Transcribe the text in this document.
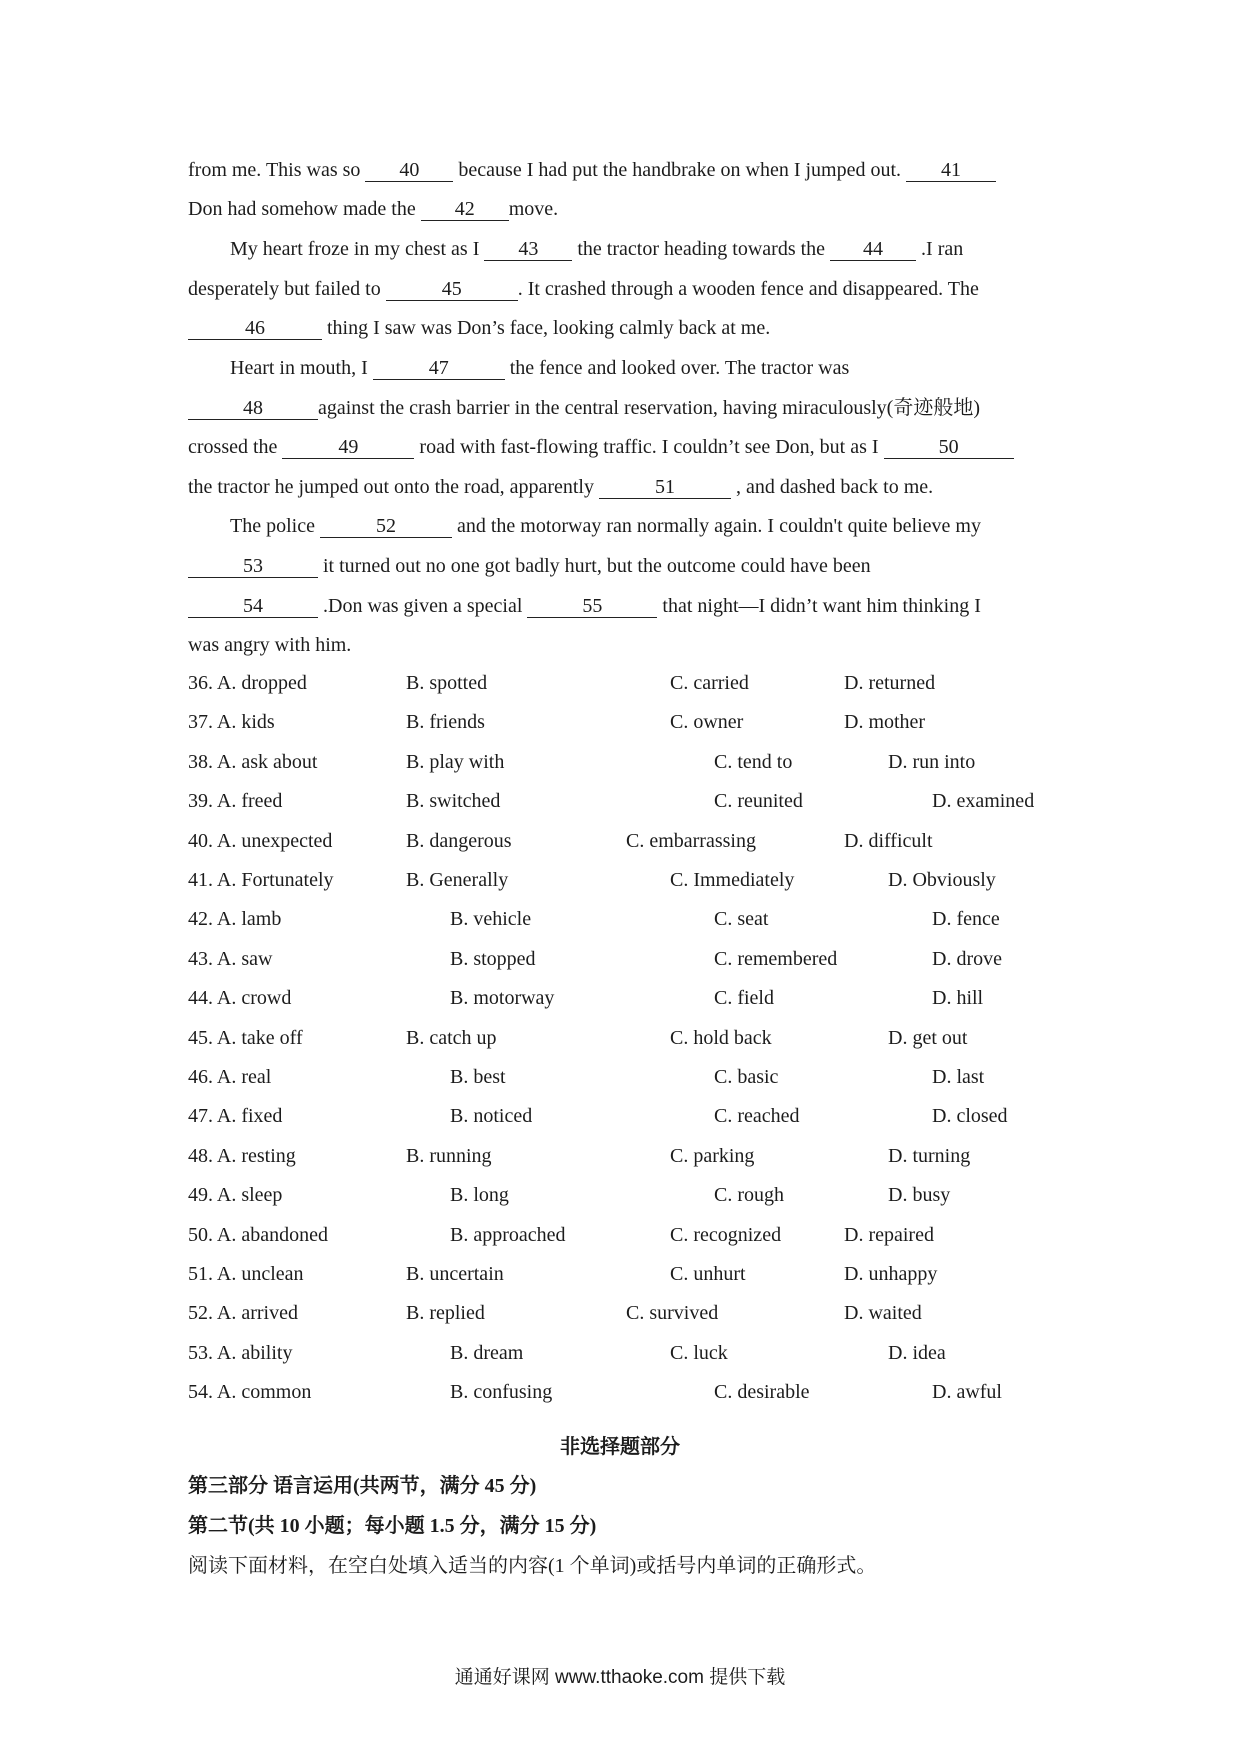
from me. This was so 40 because I had put the handbrake on when I jumped out. 41
Don had somehow made the 42 move.
My heart froze in my chest as I 43 the tractor heading towards the 44 .I ran
desperately but failed to	45	. It crashed through a wooden fence and disappeared. The
46	thing I saw was Don’s face, looking calmly back at me.
Heart in mouth, I	47	the fence and looked over. The tractor was
48	against the crash barrier in the central reservation, having miraculously(奇迹般地)
crossed the	49	road with fast-flowing traffic. I couldn’t see Don, but as I	50
the tractor he jumped out onto the road, apparently	51	, and dashed back to me.
The police	52	and the motorway ran normally again. I couldn't quite believe my
53	it turned out no one got badly hurt, but the outcome could have been
54	.Don was given a special	55	that night—I didn’t want him thinking I
was angry with him.
36. A. dropped	B. spotted	C. carried	D. returned
37. A. kids	B. friends	C. owner	D. mother
38. A. ask about	B. play with	C. tend to	D. run into
39. A. freed	B. switched	C. reunited	D. examined
40. A. unexpected	B. dangerous	C. embarrassing	D. difficult
41. A. Fortunately	B. Generally	C. Immediately	D. Obviously
42. A. lamb	B. vehicle	C. seat	D. fence
43. A. saw	B. stopped	C. remembered	D. drove
44. A. crowd	B. motorway	C. field	D. hill
45. A. take off	B. catch up	C. hold back	D. get out
46. A. real	B. best	C. basic	D. last
47. A. fixed	B. noticed	C. reached	D. closed
48. A. resting	B. running	C. parking	D. turning
49. A. sleep	B. long	C. rough	D. busy
50. A. abandoned	B. approached	C. recognized	D. repaired
51. A. unclean	B. uncertain	C. unhurt	D. unhappy
52. A. arrived	B. replied	C. survived	D. waited
53. A. ability	B. dream	C. luck	D. idea
54. A. common	B. confusing	C. desirable	D. awful
非选择题部分
第三部分 语言运用(共两节，满分 45 分)
第二节(共 10 小题；每小题 1.5 分，满分 15 分)
阅读下面材料，在空白处填入适当的内容(1 个单词)或括号内单词的正确形式。
通通好课网 www.tthaoke.com 提供下载
